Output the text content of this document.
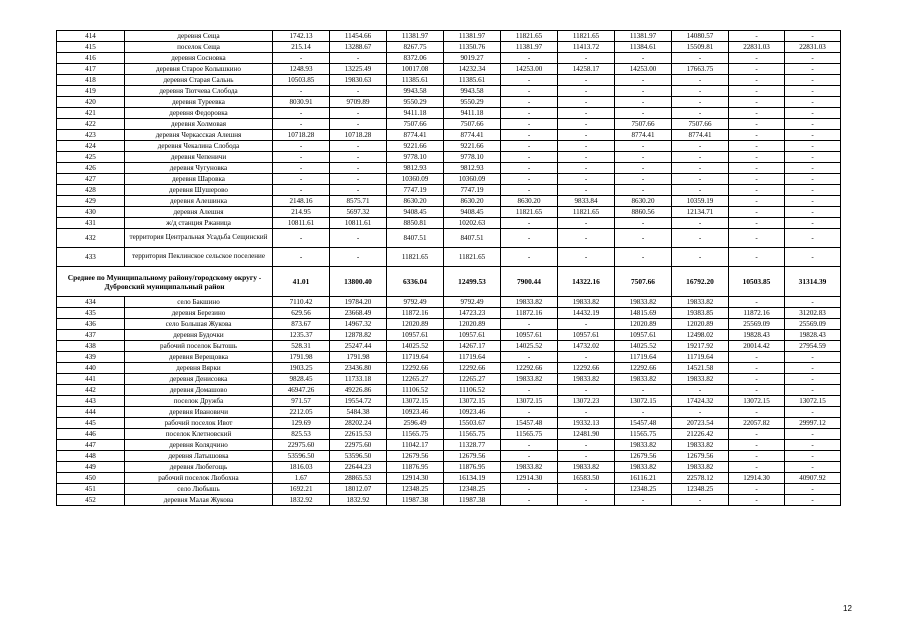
414	деревня Сеща	1742.13	11454.66	11381.97	11381.97	11821.65	11821.65	11381.97	14080.57	-	-
415	поселок Сеща	215.14	13288.67	8267.75	11350.76	11381.97	11413.72	11384.61	15509.81	22831.03	22831.03
416	деревня Сосновка	-	-	8372.06	9019.27	-	-	-	-	-	-
417	деревня Старое Колышкино	1248.93	13225.49	10017.08	14232.34	14253.00	14258.17	14253.00	17663.75	-	-
418	деревня Старая Сальнь	10503.85	19830.63	11385.61	11385.61	-	-	-	-	-	-
419	деревня Тютчева Слобода	-	-	9943.58	9943.58	-	-	-	-	-	-
420	деревня Туреевка	8030.91	9709.89	9550.29	9550.29	-	-	-	-	-	-
421	деревня Федоровка	-	-	9411.18	9411.18	-	-	-	-	-	-
422	деревня Холмовая	-	-	7507.66	7507.66	-	-	7507.66	7507.66	-	-
423	деревня Черкасская Алешня	10718.28	10718.28	8774.41	8774.41	-	-	8774.41	8774.41	-	-
424	деревня Чекалина Слобода	-	-	9221.66	9221.66	-	-	-	-	-	-
425	деревня Чепеничи	-	-	9778.10	9778.10	-	-	-	-	-	-
426	деревня Чугуновка	-	-	9812.93	9812.93	-	-	-	-	-	-
427	деревня Шаровка	-	-	10360.09	10360.09	-	-	-	-	-	-
428	деревня Шушерово	-	-	7747.19	7747.19	-	-	-	-	-	-
429	деревня Алешинка	2148.16	8575.71	8630.20	8630.20	8630.20	9833.84	8630.20	10359.19	-	-
430	деревня Алешня	214.95	5697.32	9408.45	9408.45	11821.65	11821.65	8860.56	12134.71	-	-
431	ж/д станция Ржаница	10811.61	10811.61	8850.81	10202.63	-	-	-	-	-	-
432	территория Центральная Усадьба Сещинский	-	-	8407.51	8407.51	-	-	-	-	-	-
433	территория Пеклинское сельское поселение	-	-	11821.65	11821.65	-	-	-	-	-	-
Среднее по Муниципальному району/городскому округу - Дубровский муниципальный район		41.01	13800.40	6336.04	12499.53	7900.44	14322.16	7507.66	16792.20	10503.85	31314.39
434	село Бакшино	7110.42	19784.20	9792.49	9792.49	19833.82	19833.82	19833.82	19833.82	-	-
435	деревня Березино	629.56	23668.49	11872.16	14723.23	11872.16	14432.19	14815.69	19383.85	11872.16	31202.83
436	село Большая Жукова	873.67	14967.32	12020.89	12020.89	-	-	12020.89	12020.89	25569.09	25569.09
437	деревня Будочки	1235.37	12878.82	10957.61	10957.61	10957.61	10957.61	10957.61	12498.02	19828.43	19828.43
438	рабочий поселок Бытошь	528.31	25247.44	14025.52	14267.17	14025.52	14732.02	14025.52	19217.92	20014.42	27954.59
439	деревня Верещовка	1791.98	1791.98	11719.64	11719.64	-	-	11719.64	11719.64	-	-
440	деревня Вярки	1903.25	23436.80	12292.66	12292.66	12292.66	12292.66	12292.66	14521.58	-	-
441	деревня Денисовка	9828.45	11733.18	12265.27	12265.27	19833.82	19833.82	19833.82	19833.82	-	-
442	деревня Домашово	46947.26	49226.86	11106.52	11106.52	-	-	-	-	-	-
443	поселок Дружба	971.57	19554.72	13072.15	13072.15	13072.15	13072.23	13072.15	17424.32	13072.15	13072.15
444	деревня Ивановичи	2212.05	5484.38	10923.46	10923.46	-	-	-	-	-	-
445	рабочий поселок Ивот	129.69	28202.24	2596.49	15503.67	15457.48	19332.13	15457.48	20723.54	22057.82	29997.12
446	поселок Клетновский	825.53	22615.53	11565.75	11565.75	11565.75	12481.90	11565.75	21226.42	-	-
447	деревня Колядчино	22975.60	22975.60	11042.17	11328.77	-	-	19833.82	19833.82	-	-
448	деревня Латышовка	53596.50	53596.50	12679.56	12679.56	-	-	12679.56	12679.56	-	-
449	деревня Любегощь	1816.03	22644.23	11876.95	11876.95	19833.82	19833.82	19833.82	19833.82	-	-
450	рабочий поселок Любохна	1.67	28865.53	12914.30	16134.19	12914.30	16583.50	16116.21	22578.12	12914.30	40907.92
451	село Любышь	1692.21	18012.07	12348.25	12348.25	-	-	12348.25	12348.25	-	-
452	деревня Малая Жукова	1832.92	1832.92	11987.38	11987.38	-	-	-	-	-	-
12
